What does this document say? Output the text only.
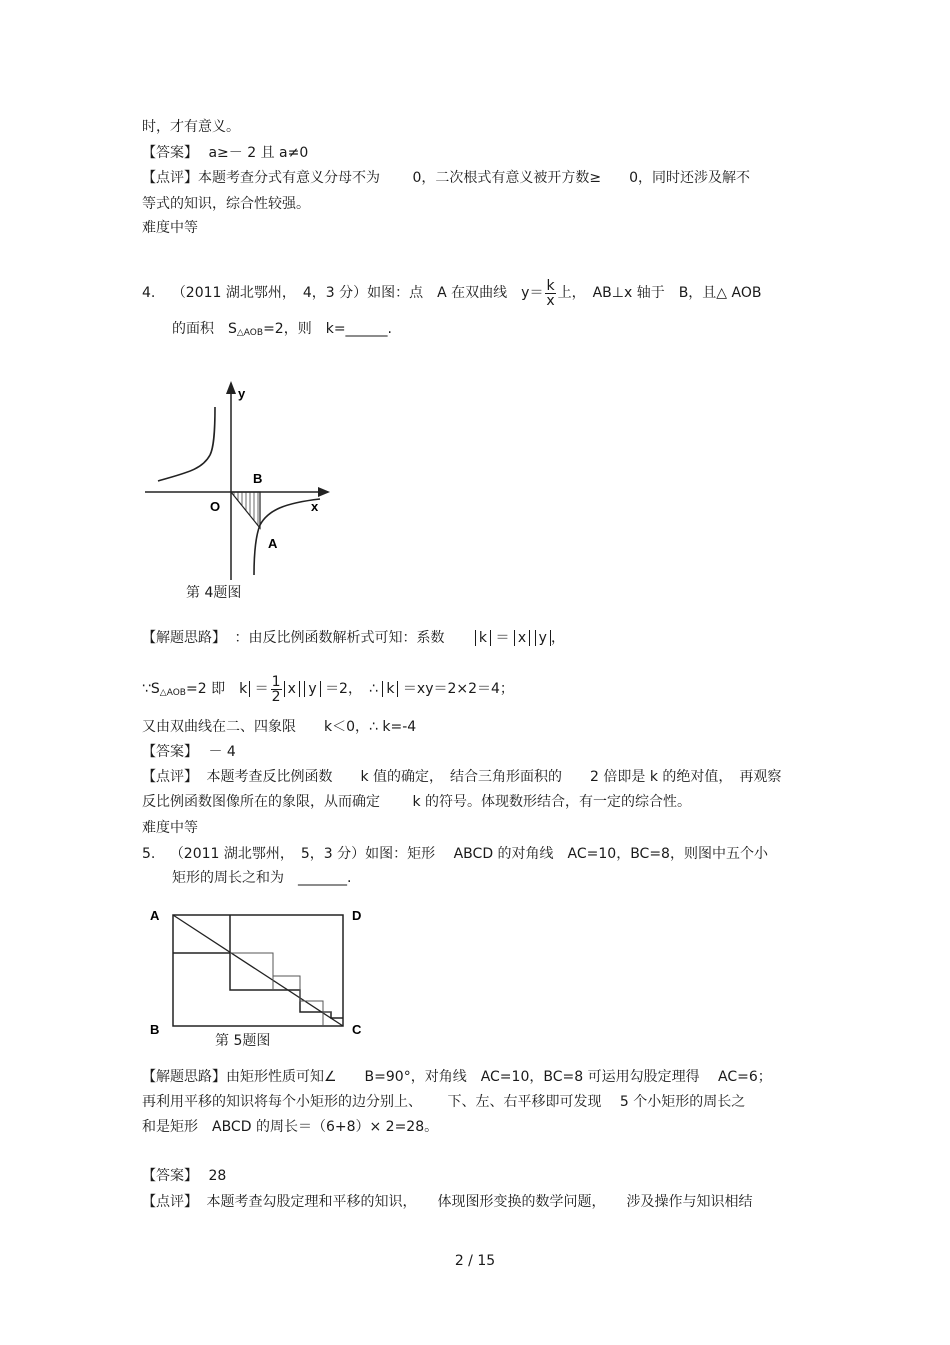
时，才有意义。
【答案】 a≥－ 2 且 a≠0
【点评】本题考查分式有意义分母不为　　 0，二次根式有意义被开方数≥　　0，同时还涉及解不
等式的知识，综合性较强。
难度中等
4. （2011 湖北鄂州，　4，3 分）如图：点　A 在双曲线　$y= \frac{k}{x}$ 上，　AB⊥x 轴于　B，且△ AOB
的面积　$S_{\triangle AOB}=2$，则　k=______.
y
x
O
B
A
第 4题图
【解题思路】 ：由反比例函数解析式可知：系数 k ＝ x y ，
$\because S_{\triangle AOB}=2$ 即　$k = \frac{1}{2}$ x y ＝2，　∴ k ＝xy＝2×2＝4；
又由双曲线在二、四象限　　k＜0，∴ k=-4
【答案】 － 4
【点评】 本题考查反比例函数　　k 值的确定，　结合三角形面积的　　2 倍即是 k 的绝对值，　再观察
反比例函数图像所在的象限，从而确定　　 k 的符号。体现数形结合，有一定的综合性。
难度中等
5. （2011 湖北鄂州，　5，3 分）如图：矩形　 ABCD 的对角线　AC=10，BC=8，则图中五个小
矩形的周长之和为　_______.
A	D
B	C
第 5题图
【解题思路】由矩形性质可知∠　　B=90°，对角线　AC=10，BC=8 可运用勾股定理得　 AC=6；
再利用平移的知识将每个小矩形的边分别上、　　 下、左、右平移即可发现　 5 个小矩形的周长之
和是矩形　ABCD 的周长＝（6+8）× 2=28。
【答案】 28
【点评】 本题考查勾股定理和平移的知识，　　体现图形变换的数学问题，　　涉及操作与知识相结
2 / 15
